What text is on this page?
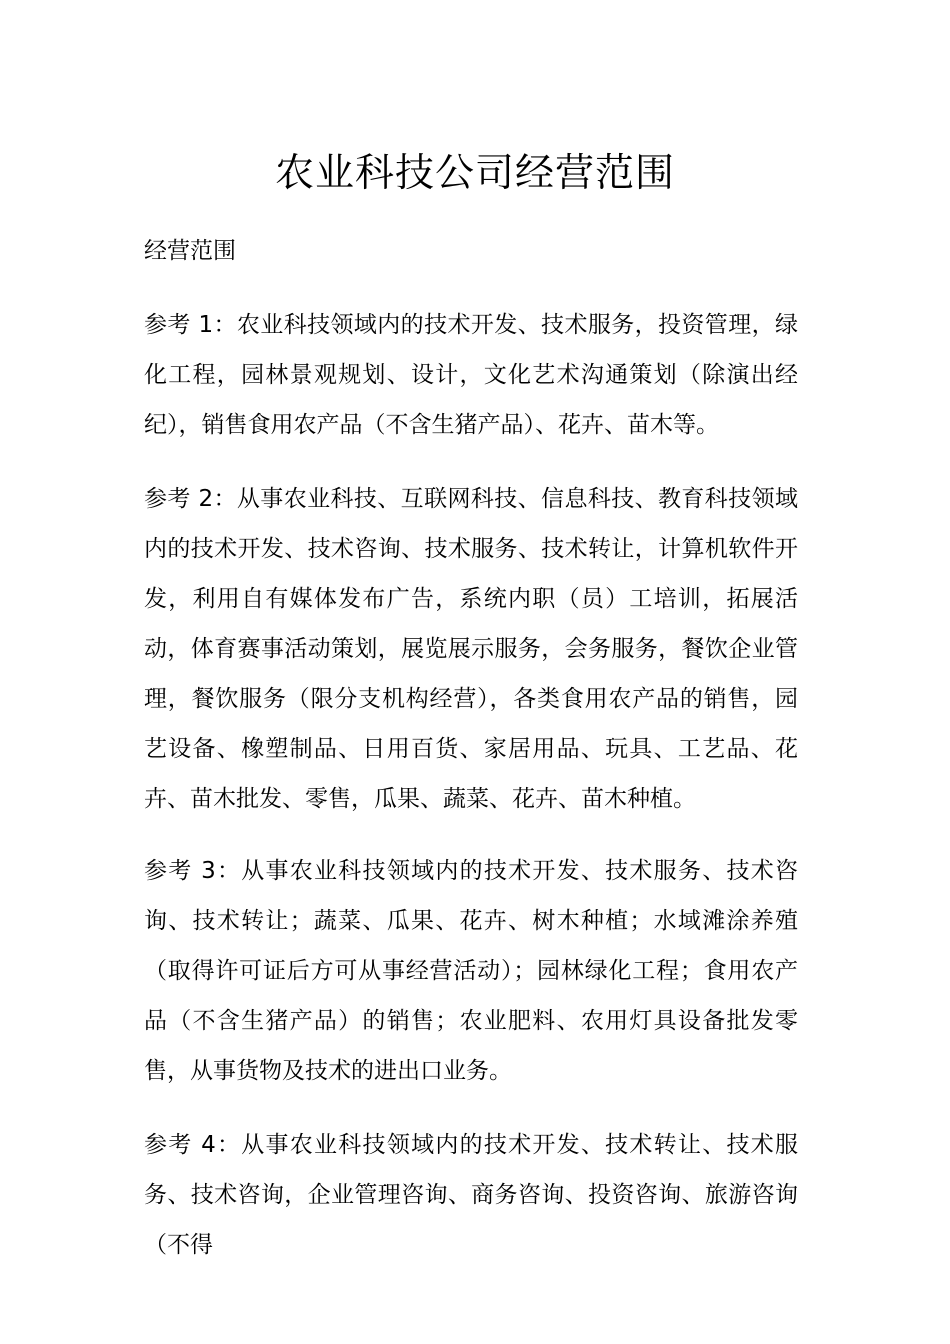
农业科技公司经营范围

经营范围

参考 1：农业科技领域内的技术开发、技术服务，投资管理，绿化工程，园林景观规划、设计，文化艺术沟通策划（除演出经纪），销售食用农产品（不含生猪产品）、花卉、苗木等。

参考 2：从事农业科技、互联网科技、信息科技、教育科技领域内的技术开发、技术咨询、技术服务、技术转让，计算机软件开发，利用自有媒体发布广告，系统内职（员）工培训，拓展活动，体育赛事活动策划，展览展示服务，会务服务，餐饮企业管理，餐饮服务（限分支机构经营），各类食用农产品的销售，园艺设备、橡塑制品、日用百货、家居用品、玩具、工艺品、花卉、苗木批发、零售，瓜果、蔬菜、花卉、苗木种植。

参考 3：从事农业科技领域内的技术开发、技术服务、技术咨询、技术转让；蔬菜、瓜果、花卉、树木种植；水域滩涂养殖（取得许可证后方可从事经营活动）；园林绿化工程；食用农产品（不含生猪产品）的销售；农业肥料、农用灯具设备批发零售，从事货物及技术的进出口业务。

参考 4：从事农业科技领域内的技术开发、技术转让、技术服务、技术咨询，企业管理咨询、商务咨询、投资咨询、旅游咨询（不得
